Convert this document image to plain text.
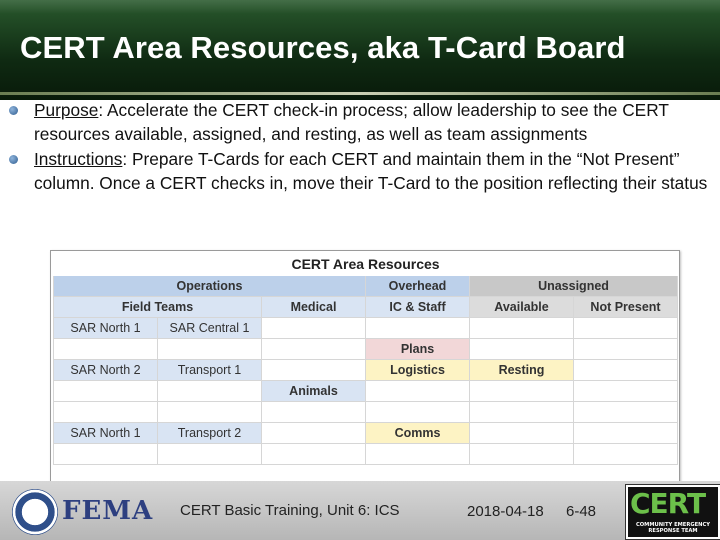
CERT Area Resources, aka T-Card Board
Purpose: Accelerate the CERT check-in process; allow leadership to see the CERT resources available, assigned, and resting, as well as team assignments
Instructions: Prepare T-Cards for each CERT and maintain them in the “Not Present” column. Once a CERT checks in, move their T-Card to the position reflecting their status
CERT Area Resources					
Operations			Overhead	Unassigned	
Field Teams		Medical	IC & Staff	Available	Not Present
SAR North 1	SAR Central 1				
			Plans		
SAR North 2	Transport 1		Logistics	Resting	
		Animals			

SAR North 1	Transport 2		Comms		

FEMA CERT Basic Training, Unit 6: ICS	2018-04-18 6-48 CERT
COMMUNITY EMERGENCY RESPONSE TEAM
